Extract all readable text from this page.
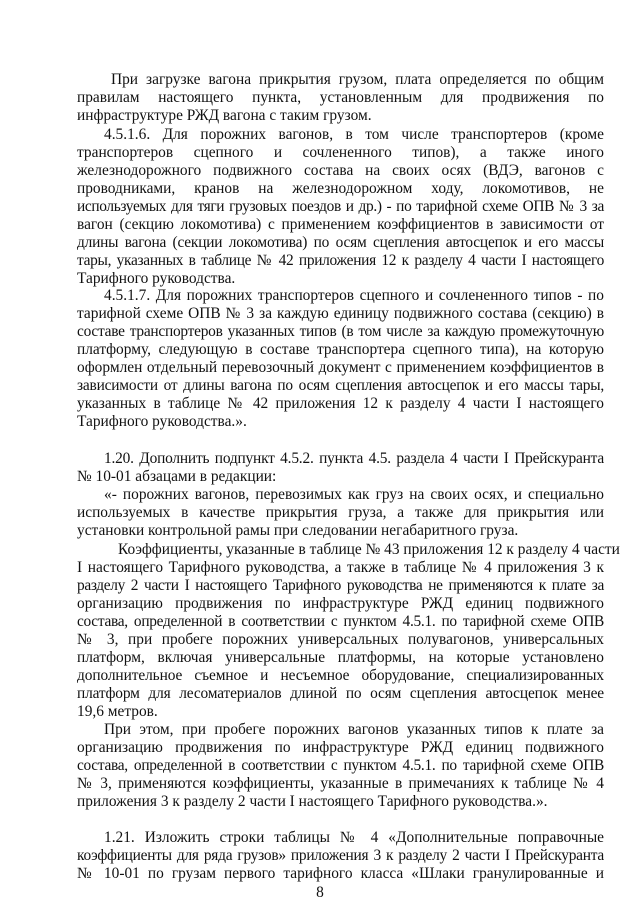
При загрузке вагона прикрытия грузом, плата определяется по общим
правилам настоящего пункта, установленным для продвижения по
инфраструктуре РЖД вагона с таким грузом.
4.5.1.6. Для порожних вагонов, в том числе транспортеров (кроме
транспортеров сцепного и сочлененного типов), а также иного
железнодорожного подвижного состава на своих осях (ВДЭ, вагонов с
проводниками, кранов на железнодорожном ходу, локомотивов, не
используемых для тяги грузовых поездов и др.) - по тарифной схеме ОПВ № 3 за
вагон (секцию локомотива) с применением коэффициентов в зависимости от
длины вагона (секции локомотива) по осям сцепления автосцепок и его массы
тары, указанных в таблице № 42 приложения 12 к разделу 4 части I настоящего
Тарифного руководства.
4.5.1.7. Для порожних транспортеров сцепного и сочлененного типов - по
тарифной схеме ОПВ № 3 за каждую единицу подвижного состава (секцию) в
составе транспортеров указанных типов (в том числе за каждую промежуточную
платформу, следующую в составе транспортера сцепного типа), на которую
оформлен отдельный перевозочный документ с применением коэффициентов в
зависимости от длины вагона по осям сцепления автосцепок и его массы тары,
указанных в таблице № 42 приложения 12 к разделу 4 части I настоящего
Тарифного руководства.».
1.20. Дополнить подпункт 4.5.2. пункта 4.5. раздела 4 части I Прейскуранта
№ 10-01 абзацами в редакции:
«- порожних вагонов, перевозимых как груз на своих осях, и специально
используемых в качестве прикрытия груза, а также для прикрытия или
установки контрольной рамы при следовании негабаритного груза.
Коэффициенты, указанные в таблице № 43 приложения 12 к разделу 4 части
I настоящего Тарифного руководства, а также в таблице № 4 приложения 3 к
разделу 2 части I настоящего Тарифного руководства не применяются к плате за
организацию продвижения по инфраструктуре РЖД единиц подвижного
состава, определенной в соответствии с пунктом 4.5.1. по тарифной схеме ОПВ
№ 3, при пробеге порожних универсальных полувагонов, универсальных
платформ, включая универсальные платформы, на которые установлено
дополнительное съемное и несъемное оборудование, специализированных
платформ для лесоматериалов длиной по осям сцепления автосцепок менее
19,6 метров.
При этом, при пробеге порожних вагонов указанных типов к плате за
организацию продвижения по инфраструктуре РЖД единиц подвижного
состава, определенной в соответствии с пунктом 4.5.1. по тарифной схеме ОПВ
№ 3, применяются коэффициенты, указанные в примечаниях к таблице № 4
приложения 3 к разделу 2 части I настоящего Тарифного руководства.».
1.21. Изложить строки таблицы № 4 «Дополнительные поправочные
коэффициенты для ряда грузов» приложения 3 к разделу 2 части I Прейскуранта
№ 10-01 по грузам первого тарифного класса «Шлаки гранулированные и
8
